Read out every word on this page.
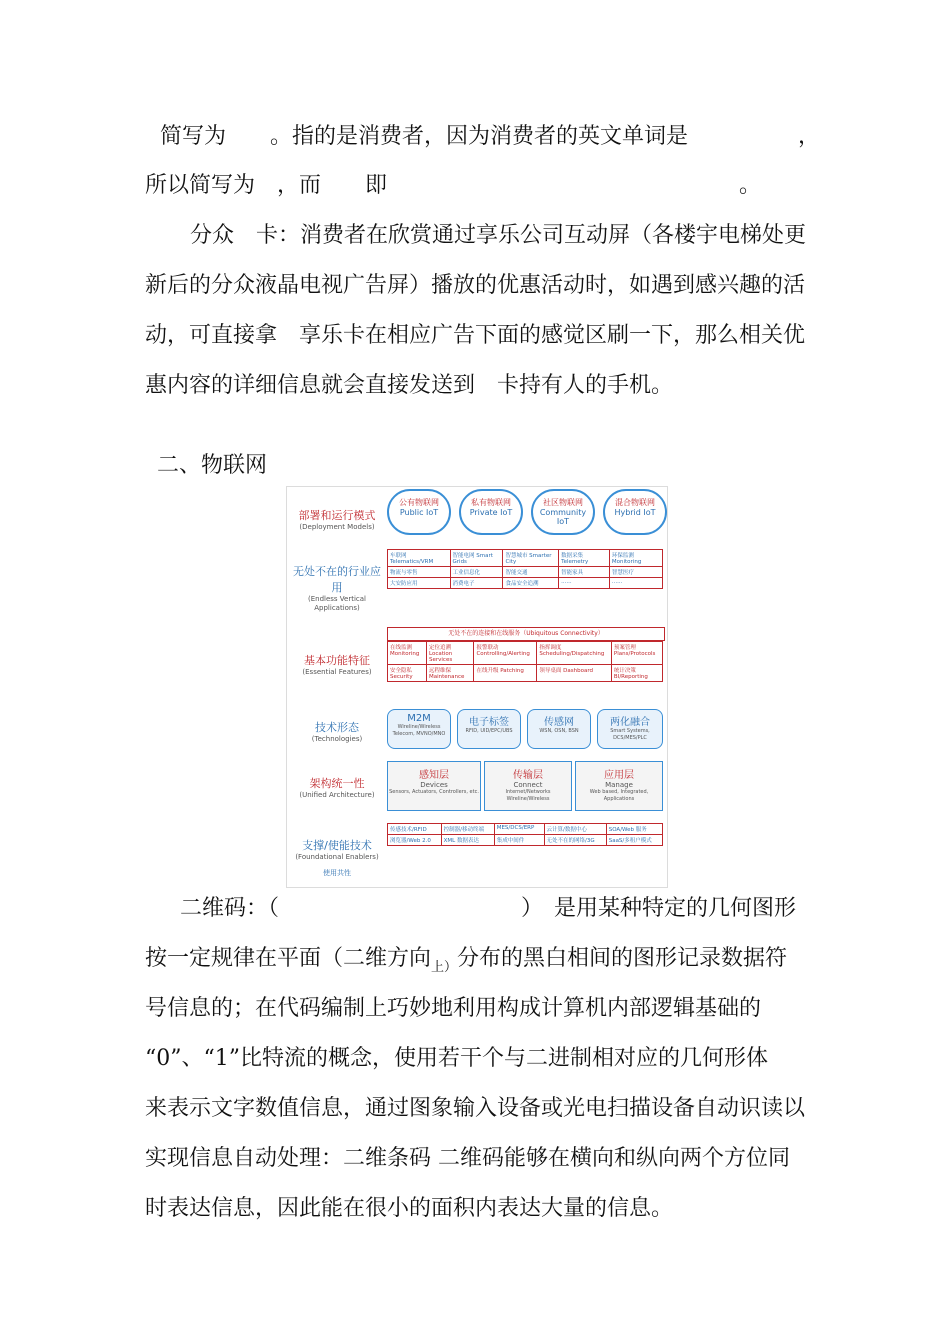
简写为　　。指的是消费者，因为消费者的英文单词是　　　　　，
所以简写为　，而　　即　　　　　　　　　　　　　　　　。
分众　卡：消费者在欣赏通过享乐公司互动屏（各楼宇电梯处更
新后的分众液晶电视广告屏）播放的优惠活动时，如遇到感兴趣的活
动，可直接拿　享乐卡在相应广告下面的感觉区刷一下，那么相关优
惠内容的详细信息就会直接发送到　卡持有人的手机。
二、物联网
部署和运行模式
(Deployment Models)
无处不在的行业应用
(Endless Vertical Applications)
基本功能特征
(Essential Features)
技术形态
(Technologies)
架构统一性
(Unified Architecture)
支撑/使能技术
(Foundational Enablers)
使用共性
公有物联网
Public IoT
私有物联网
Private IoT
社区物联网
Community IoT
混合物联网
Hybrid IoT
车联网 Telematics/VRM	智能电网 Smart Grids	智慧城市 Smarter City	数据采集 Telemetry	环保监测 Monitoring
物流与零售	工业信息化	智能交通	智能家具	智慧医疗
大安防应用	消费电子	食品安全追溯	......	......
无处不在的连接和在线服务（Ubiquitous Connectivity）
在线监测 Monitoring	定位追溯 Location Services	报警联动 Controlling/Alerting	指挥调度 Scheduling/Dispatching	预案管理 Plans/Protocols
安全隐私 Security	远程维保 Maintenance	在线升级 Patching	领导桌面 Dashboard	统计决策 BI/Reporting
M2M
Wireline/Wireless Telecom, MVNO/MNO
电子标签
RFID, UID/EPC/UBS
传感网
WSN, OSN, BSN
两化融合
Smart Systems, DCS/MES/PLC
感知层
Devices
Sensors, Actuators, Controllers, etc.
传输层
Connect
Internet/Networks Wireline/Wireless
应用层
Manage
Web based, Integrated, Applications
传感技术/RFID	控制器/移动终端	MES/DCS/ERP	云计算/数据中心	SOA/Web 服务
浏览器/Web 2.0	XML 数据表达	集成中间件	无处不在的网络/3G	SaaS/多租户模式
二维码：（　　　　　　　　　　　）　是用某种特定的几何图形
按一定规律在平面（二维方向$_{上)}$分布的黑白相间的图形记录数据符
号信息的；在代码编制上巧妙地利用构成计算机内部逻辑基础的
“0”、“1”比特流的概念，使用若干个与二进制相对应的几何形体
来表示文字数值信息，通过图象输入设备或光电扫描设备自动识读以
实现信息自动处理：二维条码 二维码能够在横向和纵向两个方位同
时表达信息，因此能在很小的面积内表达大量的信息。
